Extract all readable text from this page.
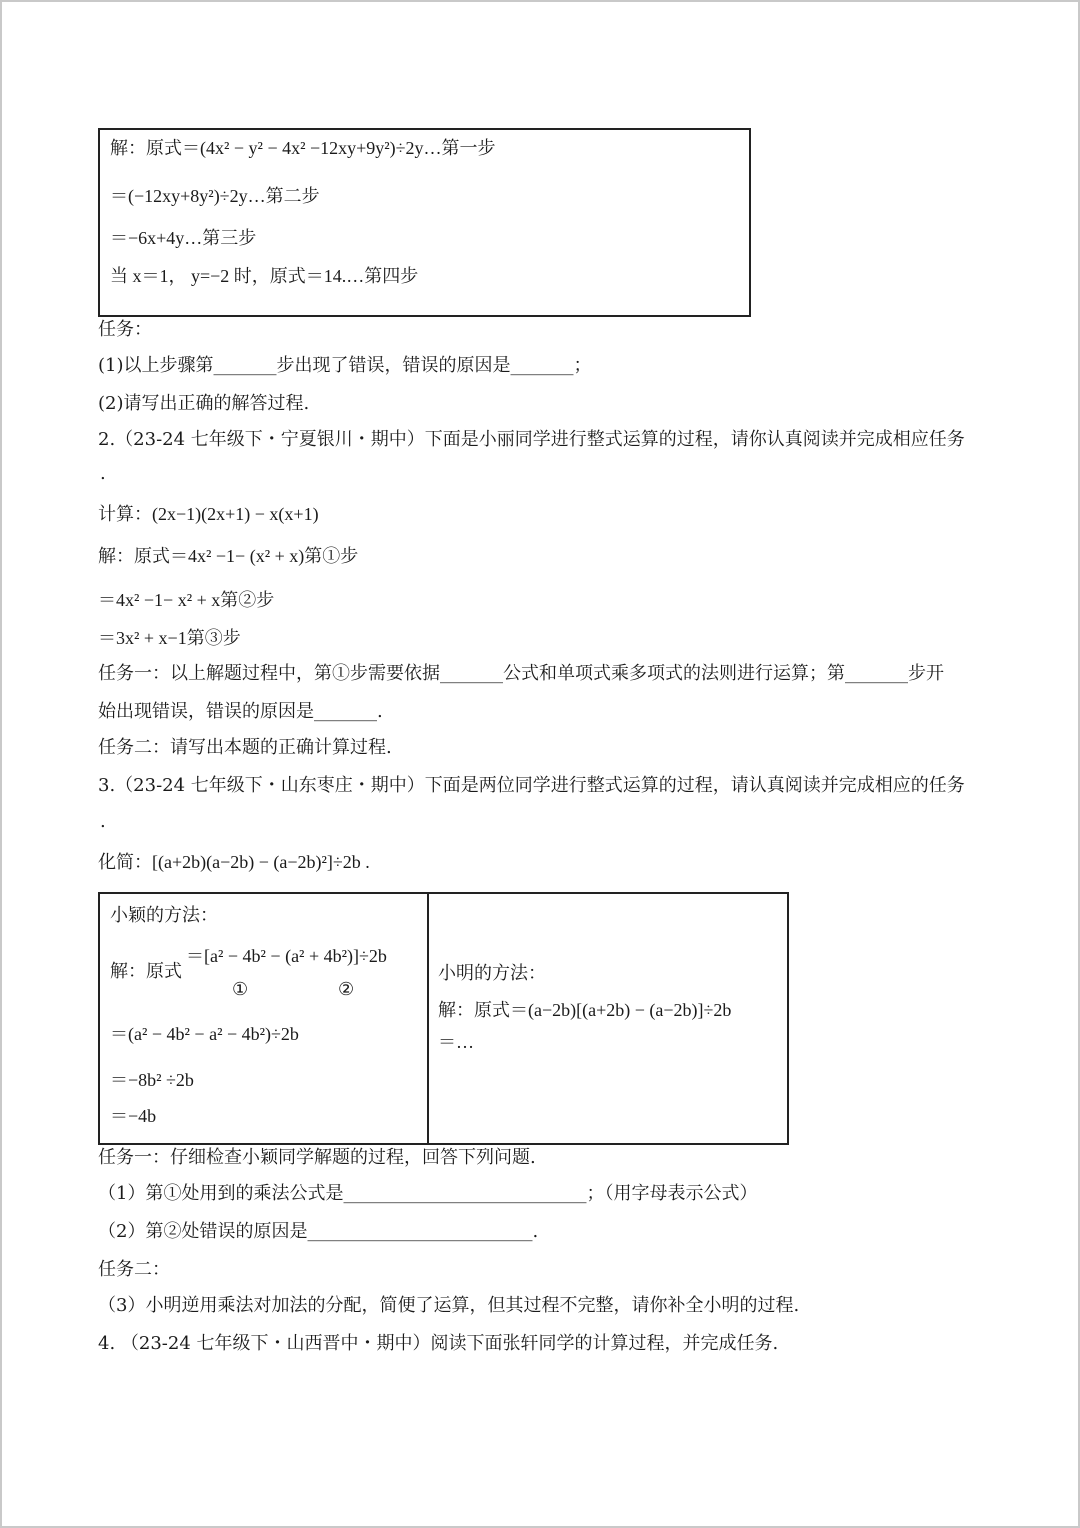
解：原式＝(4x² − y² − 4x² −12xy+9y²)÷2y…第一步
＝(−12xy+8y²)÷2y…第二步
＝−6x+4y…第三步
当 x＝1， y=−2 时，原式＝14.…第四步
任务：
(1)以上步骤第_______步出现了错误，错误的原因是_______；
(2)请写出正确的解答过程.
2.（23-24 七年级下・宁夏银川・期中）下面是小丽同学进行整式运算的过程，请你认真阅读并完成相应任务
.
计算：(2x−1)(2x+1) − x(x+1)
解：原式＝4x² −1− (x² + x)第①步
＝4x² −1− x² + x第②步
＝3x² + x−1第③步
任务一：以上解题过程中，第①步需要依据_______公式和单项式乘多项式的法则进行运算；第_______步开
始出现错误，错误的原因是_______.
任务二：请写出本题的正确计算过程.
3.（23-24 七年级下・山东枣庄・期中）下面是两位同学进行整式运算的过程，请认真阅读并完成相应的任务
.
化简：[(a+2b)(a−2b) − (a−2b)²]÷2b .
小颖的方法：
解：原式
＝[a² − 4b² − (a² + 4b²)]÷2b
①	②
＝(a² − 4b² − a² − 4b²)÷2b
＝−8b² ÷2b
＝−4b
小明的方法：
解：原式＝(a−2b)[(a+2b) − (a−2b)]÷2b
＝…
任务一：仔细检查小颖同学解题的过程，回答下列问题.
（1）第①处用到的乘法公式是___________________________；（用字母表示公式）
（2）第②处错误的原因是_________________________.
任务二：
（3）小明逆用乘法对加法的分配，简便了运算，但其过程不完整，请你补全小明的过程.
4. （23-24 七年级下・山西晋中・期中）阅读下面张轩同学的计算过程，并完成任务.
